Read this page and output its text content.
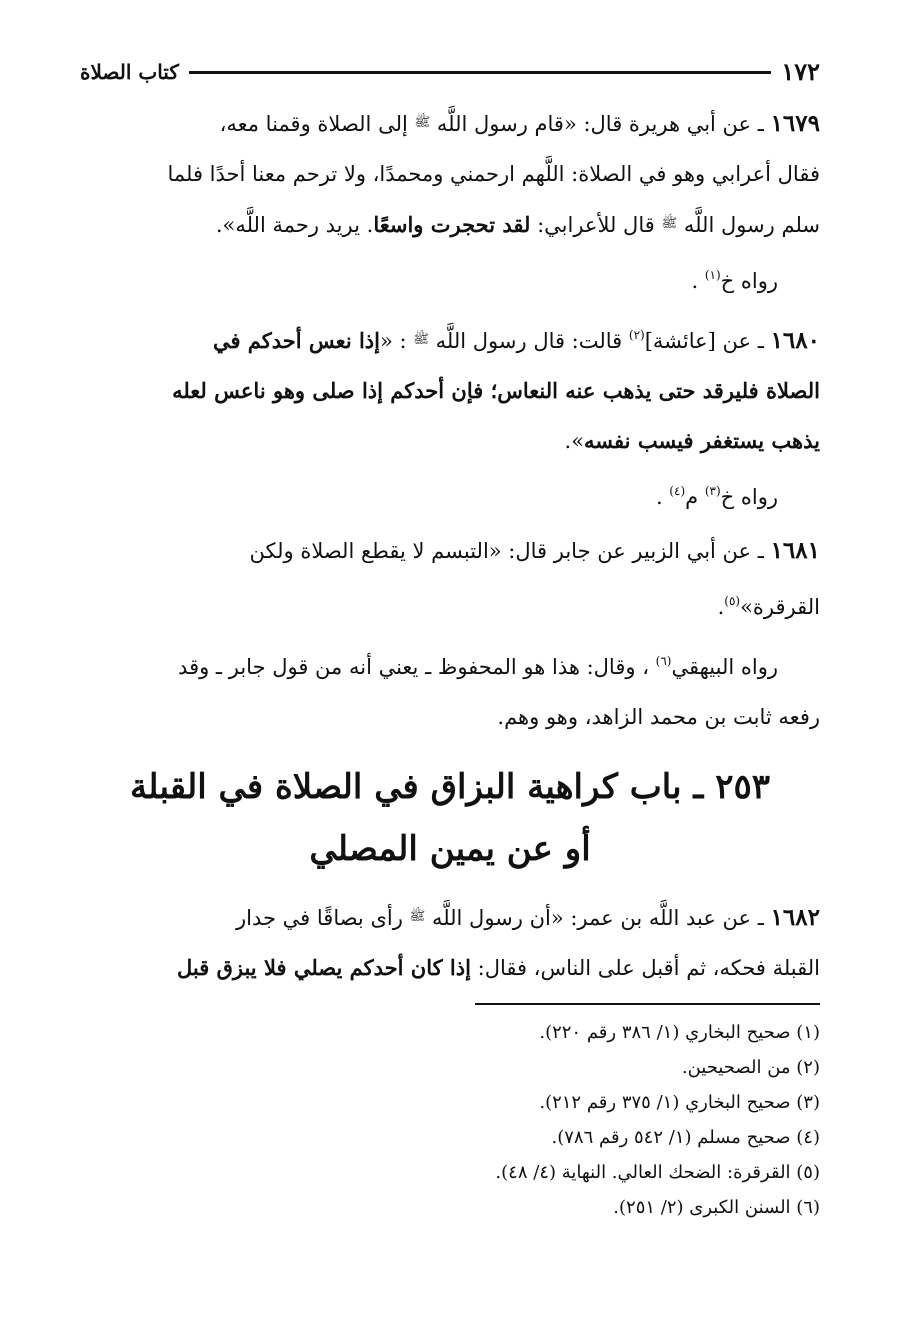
١٧٢
كتاب الصلاة

١٦٧٩ ـ عن أبي هريرة قال: «قام رسول اللَّه $^ﷺ$ إلى الصلاة وقمنا معه،

فقال أعرابي وهو في الصلاة: اللَّهم ارحمني ومحمدًا، ولا ترحم معنا أحدًا فلما

سلم رسول اللَّه $^ﷺ$ قال للأعرابي: لقد تحجرت واسعًا. يريد رحمة اللَّه».

رواه خ$^{(١)}$ .

١٦٨٠ ـ عن [عائشة]$^{(٢)}$ قالت: قال رسول اللَّه $^ﷺ$ : «إذا نعس أحدكم في

الصلاة فليرقد حتى يذهب عنه النعاس؛ فإن أحدكم إذا صلى وهو ناعس لعله

يذهب يستغفر فيسب نفسه».

رواه خ$^{(٣)}$ م$^{(٤)}$ .

١٦٨١ ـ عن أبي الزبير عن جابر قال: «التبسم لا يقطع الصلاة ولكن

القرقرة»$^{(٥)}$.

رواه البيهقي$^{(٦)}$ ، وقال: هذا هو المحفوظ ـ يعني أنه من قول جابر ـ وقد

رفعه ثابت بن محمد الزاهد، وهو وهم.

٢٥٣ ـ باب كراهية البزاق في الصلاة في القبلة
أو عن يمين المصلي

١٦٨٢ ـ عن عبد اللَّه بن عمر: «أن رسول اللَّه $^ﷺ$ رأى بصاقًا في جدار

القبلة فحكه، ثم أقبل على الناس، فقال: إذا كان أحدكم يصلي فلا يبزق قبل

(١) صحيح البخاري (١/ ٣٨٦ رقم ٢٢٠).

(٢) من الصحيحين.

(٣) صحيح البخاري (١/ ٣٧٥ رقم ٢١٢).

(٤) صحيح مسلم (١/ ٥٤٢ رقم ٧٨٦).

(٥) القرقرة: الضحك العالي. النهاية (٤/ ٤٨).

(٦) السنن الكبرى (٢/ ٢٥١).
